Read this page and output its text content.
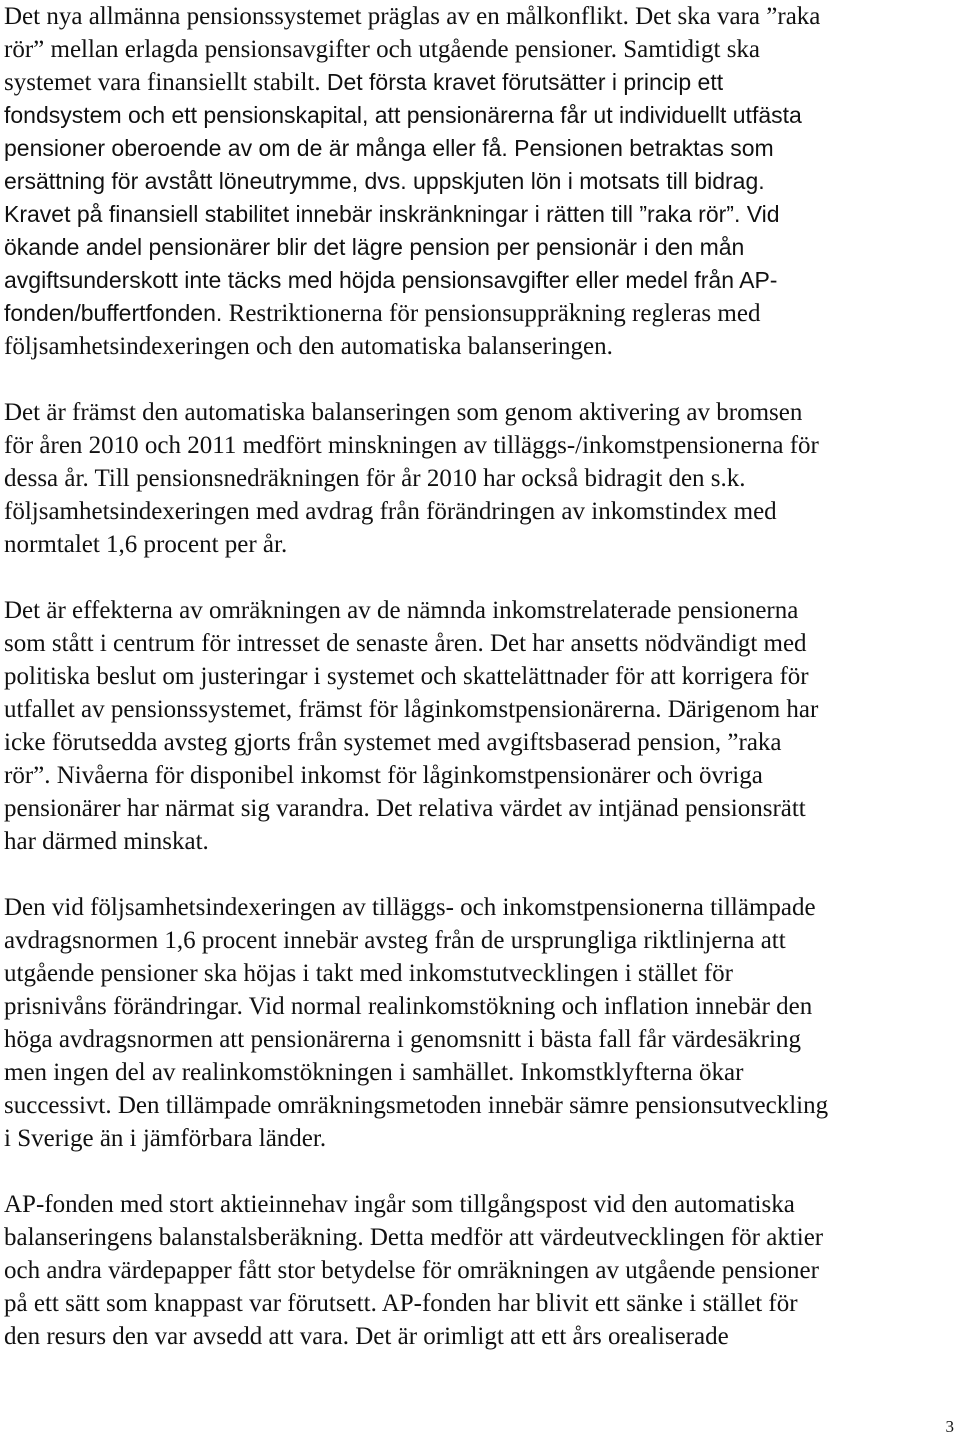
Det nya allmänna pensionssystemet präglas av en målkonflikt. Det ska vara ”raka
rör” mellan erlagda pensionsavgifter och utgående pensioner. Samtidigt ska
systemet vara finansiellt stabilt. Det första kravet förutsätter i princip ett
fondsystem och ett pensionskapital, att pensionärerna får ut individuellt utfästa
pensioner oberoende av om de är många eller få. Pensionen betraktas som
ersättning för avstått löneutrymme, dvs. uppskjuten lön i motsats till bidrag.
Kravet på finansiell stabilitet innebär inskränkningar i rätten till ”raka rör”. Vid
ökande andel pensionärer blir det lägre pension per pensionär i den mån
avgiftsunderskott inte täcks med höjda pensionsavgifter eller medel från AP-
fonden/buffertfonden. Restriktionerna för pensionsuppräkning regleras med
följsamhetsindexeringen och den automatiska balanseringen.
Det är främst den automatiska balanseringen som genom aktivering av bromsen
för åren 2010 och 2011 medfört minskningen av tilläggs-/inkomstpensionerna för
dessa år. Till pensionsnedräkningen för år 2010 har också bidragit den s.k.
följsamhetsindexeringen med avdrag från förändringen av inkomstindex med
normtalet 1,6 procent per år.
Det är effekterna av omräkningen av de nämnda inkomstrelaterade pensionerna
som stått i centrum för intresset de senaste åren. Det har ansetts nödvändigt med
politiska beslut om justeringar i systemet och skattelättnader för att korrigera för
utfallet av pensionssystemet, främst för låginkomstpensionärerna. Därigenom har
icke förutsedda avsteg gjorts från systemet med avgiftsbaserad pension, ”raka
rör”. Nivåerna för disponibel inkomst för låginkomstpensionärer och övriga
pensionärer har närmat sig varandra. Det relativa värdet av intjänad pensionsrätt
har därmed minskat.
Den vid följsamhetsindexeringen av tilläggs- och inkomstpensionerna tillämpade
avdragsnormen 1,6 procent innebär avsteg från de ursprungliga riktlinjerna att
utgående pensioner ska höjas i takt med inkomstutvecklingen i stället för
prisnivåns förändringar. Vid normal realinkomstökning och inflation innebär den
höga avdragsnormen att pensionärerna i genomsnitt i bästa fall får värdesäkring
men ingen del av realinkomstökningen i samhället. Inkomstklyfterna ökar
successivt. Den tillämpade omräkningsmetoden innebär sämre pensionsutveckling
i Sverige än i jämförbara länder.
AP-fonden med stort aktieinnehav ingår som tillgångspost vid den automatiska
balanseringens balanstalsberäkning. Detta medför att värdeutvecklingen för aktier
och andra värdepapper fått stor betydelse för omräkningen av utgående pensioner
på ett sätt som knappast var förutsett. AP-fonden har blivit ett sänke i stället för
den resurs den var avsedd att vara. Det är orimligt att ett års orealiserade
3
